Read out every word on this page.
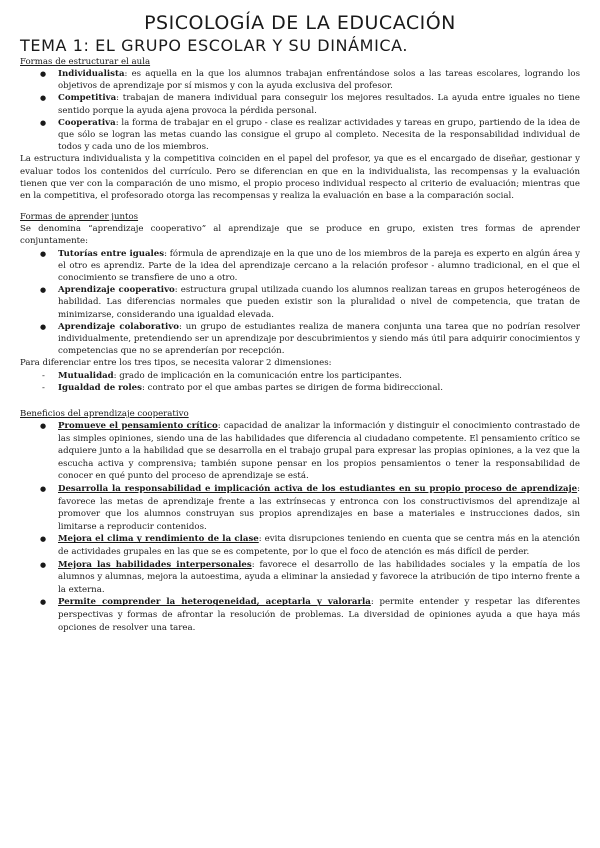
PSICOLOGÍA DE LA EDUCACIÓN
TEMA 1: EL GRUPO ESCOLAR Y SU DINÁMICA.

Formas de estructurar el aula

● Individualista: es aquella en la que los alumnos trabajan enfrentándose solos a las tareas escolares, logrando los objetivos de aprendizaje por sí mismos y con la ayuda exclusiva del profesor.
● Competitiva: trabajan de manera individual para conseguir los mejores resultados. La ayuda entre iguales no tiene sentido porque la ayuda ajena provoca la pérdida personal.
● Cooperativa: la forma de trabajar en el grupo - clase es realizar actividades y tareas en grupo, partiendo de la idea de que sólo se logran las metas cuando las consigue el grupo al completo. Necesita de la responsabilidad individual de todos y cada uno de los miembros.

La estructura individualista y la competitiva coinciden en el papel del profesor, ya que es el encargado de diseñar, gestionar y evaluar todos los contenidos del currículo. Pero se diferencian en que en la individualista, las recompensas y la evaluación tienen que ver con la comparación de uno mismo, el propio proceso individual respecto al criterio de evaluación; mientras que en la competitiva, el profesorado otorga las recompensas y realiza la evaluación en base a la comparación social.

Formas de aprender juntos

Se denomina “aprendizaje cooperativo” al aprendizaje que se produce en grupo, existen tres formas de aprender conjuntamente:

● Tutorías entre iguales: fórmula de aprendizaje en la que uno de los miembros de la pareja es experto en algún área y el otro es aprendiz. Parte de la idea del aprendizaje cercano a la relación profesor - alumno tradicional, en el que el conocimiento se transfiere de uno a otro.
● Aprendizaje cooperativo: estructura grupal utilizada cuando los alumnos realizan tareas en grupos heterogéneos de habilidad. Las diferencias normales que pueden existir son la pluralidad o nivel de competencia, que tratan de minimizarse, considerando una igualdad elevada.
● Aprendizaje colaborativo: un grupo de estudiantes realiza de manera conjunta una tarea que no podrían resolver individualmente, pretendiendo ser un aprendizaje por descubrimientos y siendo más útil para adquirir conocimientos y competencias que no se aprenderían por recepción.

Para diferenciar entre los tres tipos, se necesita valorar 2 dimensiones:

- Mutualidad: grado de implicación en la comunicación entre los participantes.
- Igualdad de roles: contrato por el que ambas partes se dirigen de forma bidireccional.

Beneficios del aprendizaje cooperativo

● Promueve el pensamiento crítico: capacidad de analizar la información y distinguir el conocimiento contrastado de las simples opiniones, siendo una de las habilidades que diferencia al ciudadano competente. El pensamiento crítico se adquiere junto a la habilidad que se desarrolla en el trabajo grupal para expresar las propias opiniones, a la vez que la escucha activa y comprensiva; también supone pensar en los propios pensamientos o tener la responsabilidad de conocer en qué punto del proceso de aprendizaje se está.
● Desarrolla la responsabilidad e implicación activa de los estudiantes en su propio proceso de aprendizaje: favorece las metas de aprendizaje frente a las extrínsecas y entronca con los constructivismos del aprendizaje al promover que los alumnos construyan sus propios aprendizajes en base a materiales e instrucciones dados, sin limitarse a reproducir contenidos.
● Mejora el clima y rendimiento de la clase: evita disrupciones teniendo en cuenta que se centra más en la atención de actividades grupales en las que se es competente, por lo que el foco de atención es más difícil de perder.
● Mejora las habilidades interpersonales: favorece el desarrollo de las habilidades sociales y la empatía de los alumnos y alumnas, mejora la autoestima, ayuda a eliminar la ansiedad y favorece la atribución de tipo interno frente a la externa.
● Permite comprender la heterogeneidad, aceptarla y valorarla: permite entender y respetar las diferentes perspectivas y formas de afrontar la resolución de problemas. La diversidad de opiniones ayuda a que haya más opciones de resolver una tarea.
